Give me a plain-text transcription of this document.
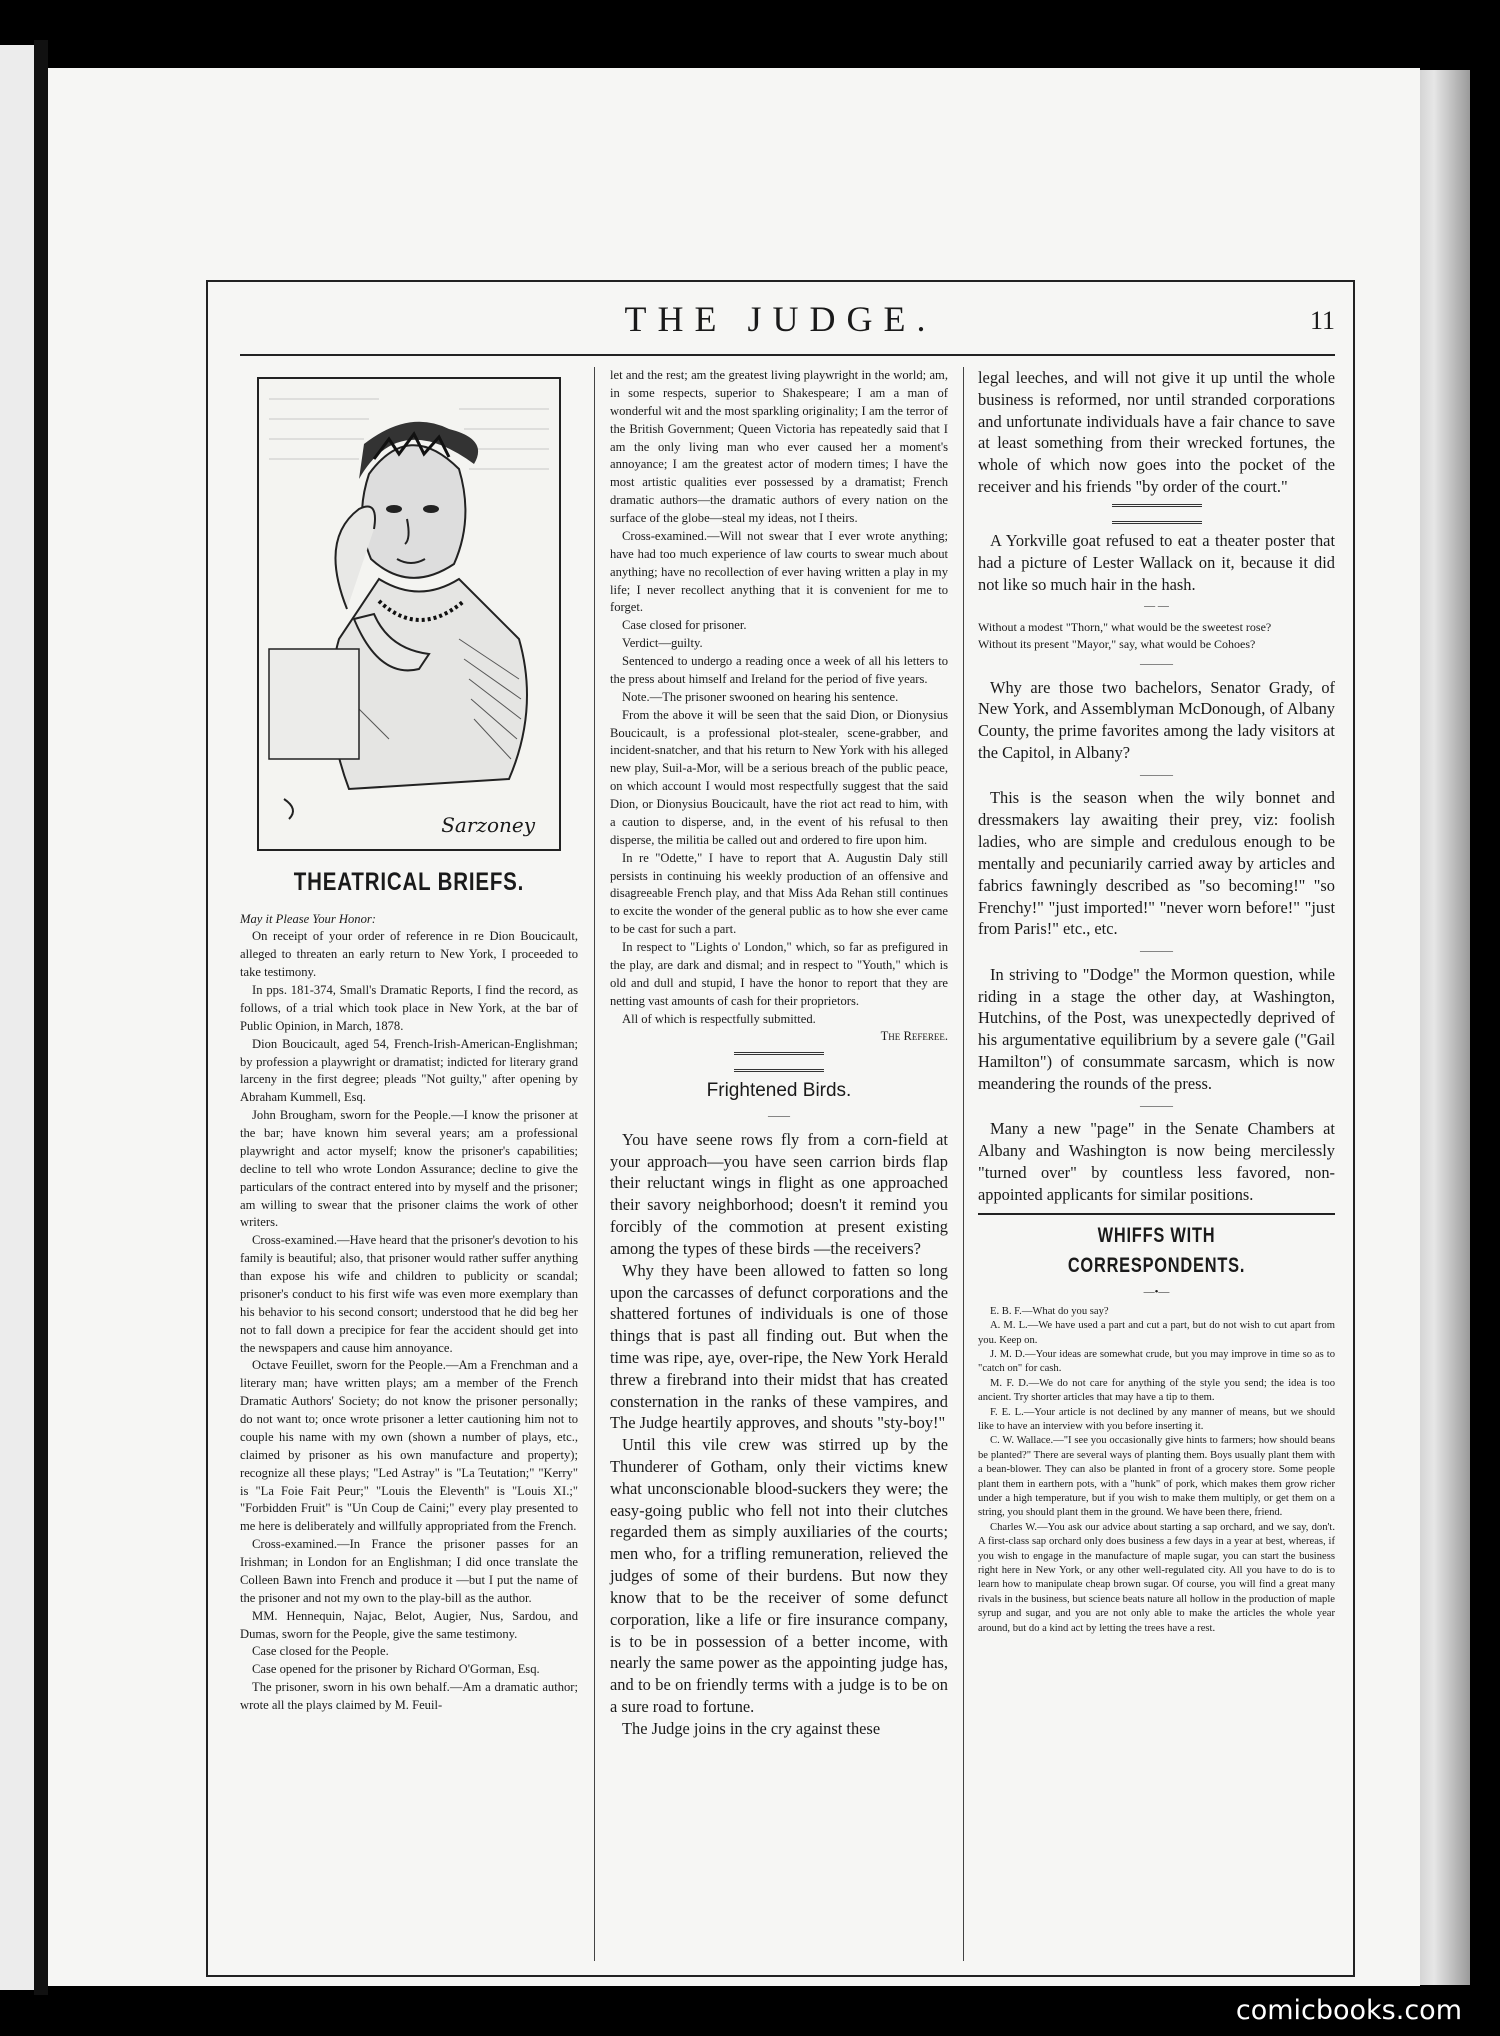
THE JUDGE.	11
Sarzoney
THEATRICAL BRIEFS.

May it Please Your Honor:

On receipt of your order of reference in re Dion Boucicault, alleged to threaten an early return to New York, I proceeded to take testimony.

In pps. 181-374, Small's Dramatic Reports, I find the record, as follows, of a trial which took place in New York, at the bar of Public Opinion, in March, 1878.

Dion Boucicault, aged 54, French-Irish-American-Englishman; by profession a playwright or dramatist; indicted for literary grand larceny in the first degree; pleads "Not guilty," after opening by Abraham Kummell, Esq.

John Brougham, sworn for the People.—I know the prisoner at the bar; have known him several years; am a professional playwright and actor myself; know the prisoner's capabilities; decline to tell who wrote London Assurance; decline to give the particulars of the contract entered into by myself and the prisoner; am willing to swear that the prisoner claims the work of other writers.

Cross-examined.—Have heard that the prisoner's devotion to his family is beautiful; also, that prisoner would rather suffer anything than expose his wife and children to publicity or scandal; prisoner's conduct to his first wife was even more exemplary than his behavior to his second consort; understood that he did beg her not to fall down a precipice for fear the accident should get into the newspapers and cause him annoyance.

Octave Feuillet, sworn for the People.—Am a Frenchman and a literary man; have written plays; am a member of the French Dramatic Authors' Society; do not know the prisoner personally; do not want to; once wrote prisoner a letter cautioning him not to couple his name with my own (shown a number of plays, etc., claimed by prisoner as his own manufacture and property); recognize all these plays; "Led Astray" is "La Teutation;" "Kerry" is "La Foie Fait Peur;" "Louis the Eleventh" is "Louis XI.;" "Forbidden Fruit" is "Un Coup de Caini;" every play presented to me here is deliberately and willfully appropriated from the French.

Cross-examined.—In France the prisoner passes for an Irishman; in London for an Englishman; I did once translate the Colleen Bawn into French and produce it —but I put the name of the prisoner and not my own to the play-bill as the author.

MM. Hennequin, Najac, Belot, Augier, Nus, Sardou, and Dumas, sworn for the People, give the same testimony.

Case closed for the People.

Case opened for the prisoner by Richard O'Gorman, Esq.

The prisoner, sworn in his own behalf.—Am a dramatic author; wrote all the plays claimed by M. Feuil-

let and the rest; am the greatest living playwright in the world; am, in some respects, superior to Shakespeare; I am a man of wonderful wit and the most sparkling originality; I am the terror of the British Government; Queen Victoria has repeatedly said that I am the only living man who ever caused her a moment's annoyance; I am the greatest actor of modern times; I have the most artistic qualities ever possessed by a dramatist; French dramatic authors—the dramatic authors of every nation on the surface of the globe—steal my ideas, not I theirs.

Cross-examined.—Will not swear that I ever wrote anything; have had too much experience of law courts to swear much about anything; have no recollection of ever having written a play in my life; I never recollect anything that it is convenient for me to forget.

Case closed for prisoner.

Verdict—guilty.

Sentenced to undergo a reading once a week of all his letters to the press about himself and Ireland for the period of five years.

Note.—The prisoner swooned on hearing his sentence.

From the above it will be seen that the said Dion, or Dionysius Boucicault, is a professional plot-stealer, scene-grabber, and incident-snatcher, and that his return to New York with his alleged new play, Suil-a-Mor, will be a serious breach of the public peace, on which account I would most respectfully suggest that the said Dion, or Dionysius Boucicault, have the riot act read to him, with a caution to disperse, and, in the event of his refusal to then disperse, the militia be called out and ordered to fire upon him.

In re "Odette," I have to report that A. Augustin Daly still persists in continuing his weekly production of an offensive and disagreeable French play, and that Miss Ada Rehan still continues to excite the wonder of the general public as to how she ever came to be cast for such a part.

In respect to "Lights o' London," which, so far as prefigured in the play, are dark and dismal; and in respect to "Youth," which is old and dull and stupid, I have the honor to report that they are netting vast amounts of cash for their proprietors.

All of which is respectfully submitted.

The Referee.
Frightened Birds.
——

You have seene rows fly from a corn-field at your approach—you have seen carrion birds flap their reluctant wings in flight as one approached their savory neighborhood; doesn't it remind you forcibly of the commotion at present existing among the types of these birds —the receivers?

Why they have been allowed to fatten so long upon the carcasses of defunct corporations and the shattered fortunes of individuals is one of those things that is past all finding out. But when the time was ripe, aye, over-ripe, the New York Herald threw a firebrand into their midst that has created consternation in the ranks of these vampires, and The Judge heartily approves, and shouts "sty-boy!"

Until this vile crew was stirred up by the Thunderer of Gotham, only their victims knew what unconscionable blood-suckers they were; the easy-going public who fell not into their clutches regarded them as simply auxiliaries of the courts; men who, for a trifling remuneration, relieved the judges of some of their burdens. But now they know that to be the receiver of some defunct corporation, like a life or fire insurance company, is to be in possession of a better income, with nearly the same power as the appointing judge has, and to be on friendly terms with a judge is to be on a sure road to fortune.

The Judge joins in the cry against these

legal leeches, and will not give it up until the whole business is reformed, nor until stranded corporations and unfortunate individuals have a fair chance to save at least something from their wrecked fortunes, the whole of which now goes into the pocket of the receiver and his friends "by order of the court."

A Yorkville goat refused to eat a theater poster that had a picture of Lester Wallack on it, because it did not like so much hair in the hash.

— —

Without a modest "Thorn," what would be the sweetest rose?

Without its present "Mayor," say, what would be Cohoes?

———

Why are those two bachelors, Senator Grady, of New York, and Assemblyman McDonough, of Albany County, the prime favorites among the lady visitors at the Capitol, in Albany?

———

This is the season when the wily bonnet and dressmakers lay awaiting their prey, viz: foolish ladies, who are simple and credulous enough to be mentally and pecuniarily carried away by articles and fabrics fawningly described as "so becoming!" "so Frenchy!" "just imported!" "never worn before!" "just from Paris!" etc., etc.

———

In striving to "Dodge" the Mormon question, while riding in a stage the other day, at Washington, Hutchins, of the Post, was unexpectedly deprived of his argumentative equilibrium by a severe gale ("Gail Hamilton") of consummate sarcasm, which is now meandering the rounds of the press.

———

Many a new "page" in the Senate Chambers at Albany and Washington is now being mercilessly "turned over" by countless less favored, non-appointed applicants for similar positions.

WHIFFS WITH CORRESPONDENTS.
—•—

E. B. F.—What do you say?

A. M. L.—We have used a part and cut a part, but do not wish to cut apart from you. Keep on.

J. M. D.—Your ideas are somewhat crude, but you may improve in time so as to "catch on" for cash.

M. F. D.—We do not care for anything of the style you send; the idea is too ancient. Try shorter articles that may have a tip to them.

F. E. L.—Your article is not declined by any manner of means, but we should like to have an interview with you before inserting it.

C. W. Wallace.—"I see you occasionally give hints to farmers; how should beans be planted?" There are several ways of planting them. Boys usually plant them with a bean-blower. They can also be planted in front of a grocery store. Some people plant them in earthern pots, with a "hunk" of pork, which makes them grow richer under a high temperature, but if you wish to make them multiply, or get them on a string, you should plant them in the ground. We have been there, friend.

Charles W.—You ask our advice about starting a sap orchard, and we say, don't. A first-class sap orchard only does business a few days in a year at best, whereas, if you wish to engage in the manufacture of maple sugar, you can start the business right here in New York, or any other well-regulated city. All you have to do is to learn how to manipulate cheap brown sugar. Of course, you will find a great many rivals in the business, but science beats nature all hollow in the production of maple syrup and sugar, and you are not only able to make the articles the whole year around, but do a kind act by letting the trees have a rest.

comicbooks.com
